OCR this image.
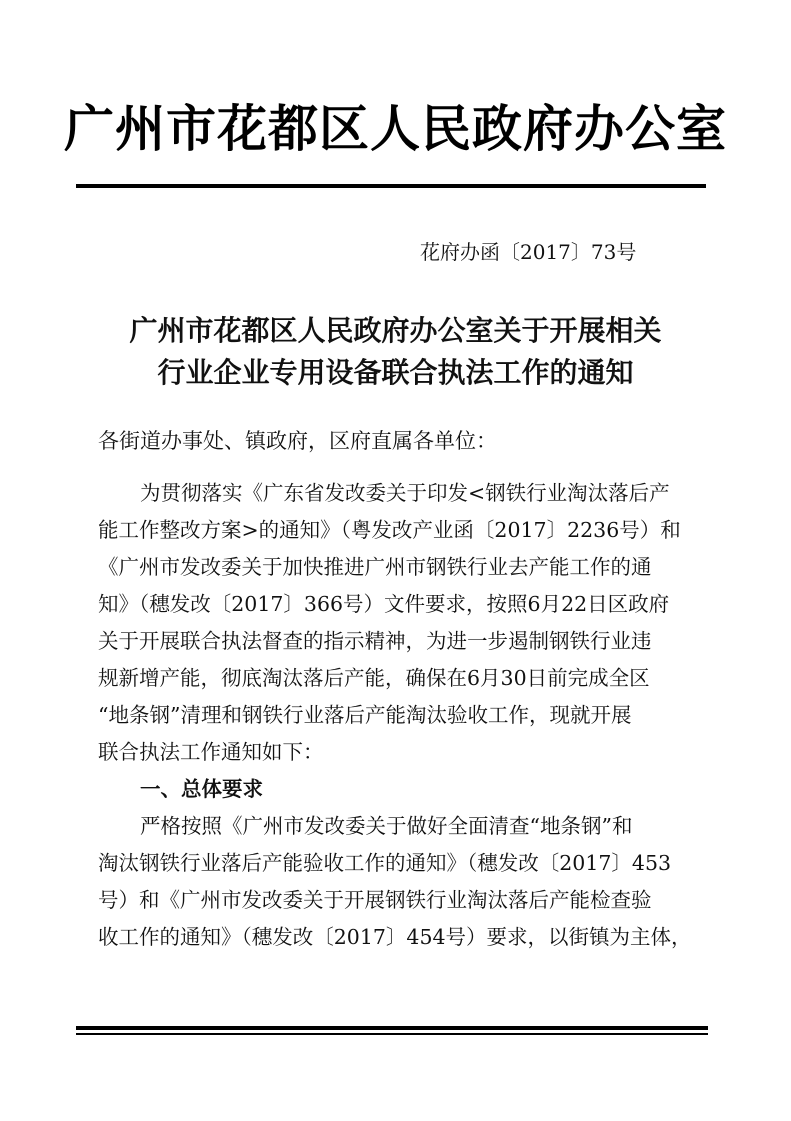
广州市花都区人民政府办公室
花府办函〔2017〕73号
广州市花都区人民政府办公室关于开展相关
行业企业专用设备联合执法工作的通知
各街道办事处、镇政府，区府直属各单位：
为贯彻落实《广东省发改委关于印发<钢铁行业淘汰落后产
能工作整改方案>的通知》（粤发改产业函〔2017〕2236号）和
《广州市发改委关于加快推进广州市钢铁行业去产能工作的通
知》（穗发改〔2017〕366号）文件要求，按照6月22日区政府
关于开展联合执法督查的指示精神，为进一步遏制钢铁行业违
规新增产能，彻底淘汰落后产能，确保在6月30日前完成全区
“地条钢”清理和钢铁行业落后产能淘汰验收工作，现就开展
联合执法工作通知如下：
一、总体要求
严格按照《广州市发改委关于做好全面清查“地条钢”和
淘汰钢铁行业落后产能验收工作的通知》（穗发改〔2017〕453
号）和《广州市发改委关于开展钢铁行业淘汰落后产能检查验
收工作的通知》（穗发改〔2017〕454号）要求，以街镇为主体，
